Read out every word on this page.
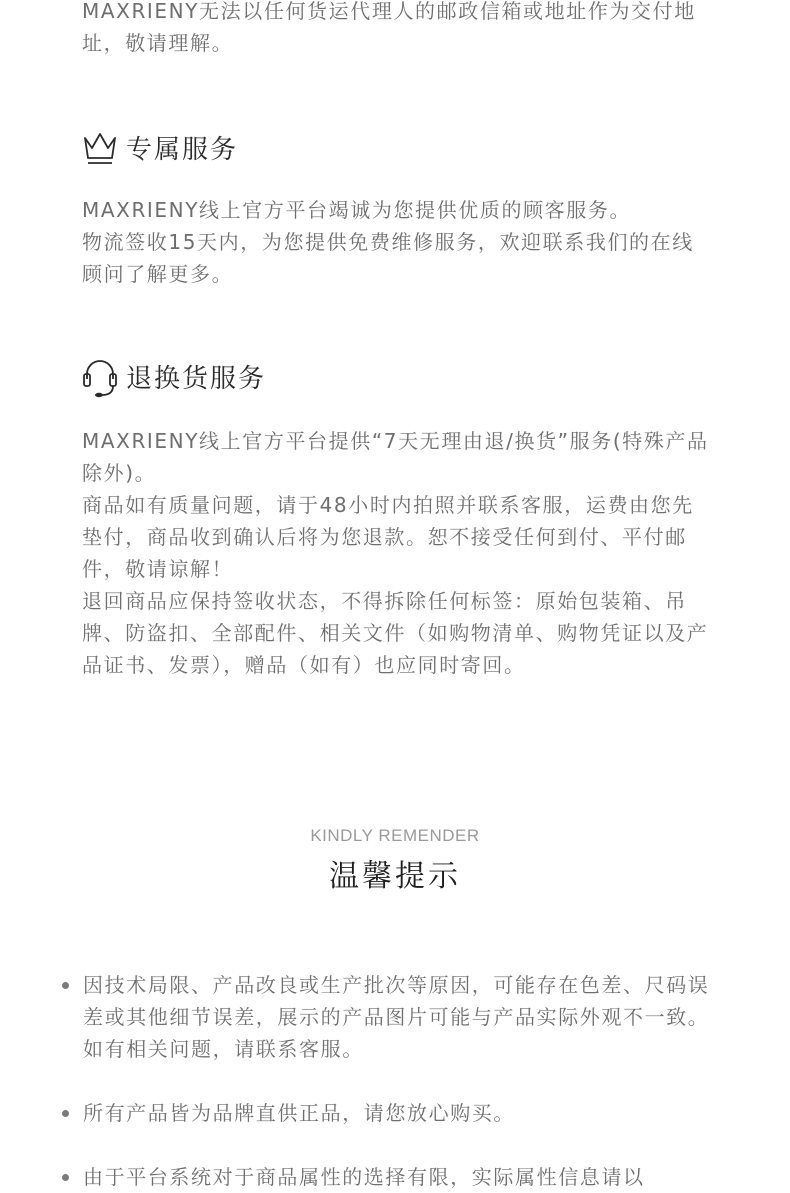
MAXRIENY无法以任何货运代理人的邮政信箱或地址作为交付地址，敬请理解。

专属服务

MAXRIENY线上官方平台竭诚为您提供优质的顾客服务。

物流签收15天内，为您提供免费维修服务，欢迎联系我们的在线顾问了解更多。

退换货服务

MAXRIENY线上官方平台提供“7天无理由退/换货”服务(特殊产品除外)。

商品如有质量问题，请于48小时内拍照并联系客服，运费由您先垫付，商品收到确认后将为您退款。恕不接受任何到付、平付邮件，敬请谅解！

退回商品应保持签收状态，不得拆除任何标签：原始包装箱、吊牌、防盗扣、全部配件、相关文件（如购物清单、购物凭证以及产品证书、发票），赠品（如有）也应同时寄回。

KINDLY REMENDER
温馨提示

因技术局限、产品改良或生产批次等原因，可能存在色差、尺码误差或其他细节误差，展示的产品图片可能与产品实际外观不一致。如有相关问题，请联系客服。

所有产品皆为品牌直供正品，请您放心购买。

由于平台系统对于商品属性的选择有限，实际属性信息请以
